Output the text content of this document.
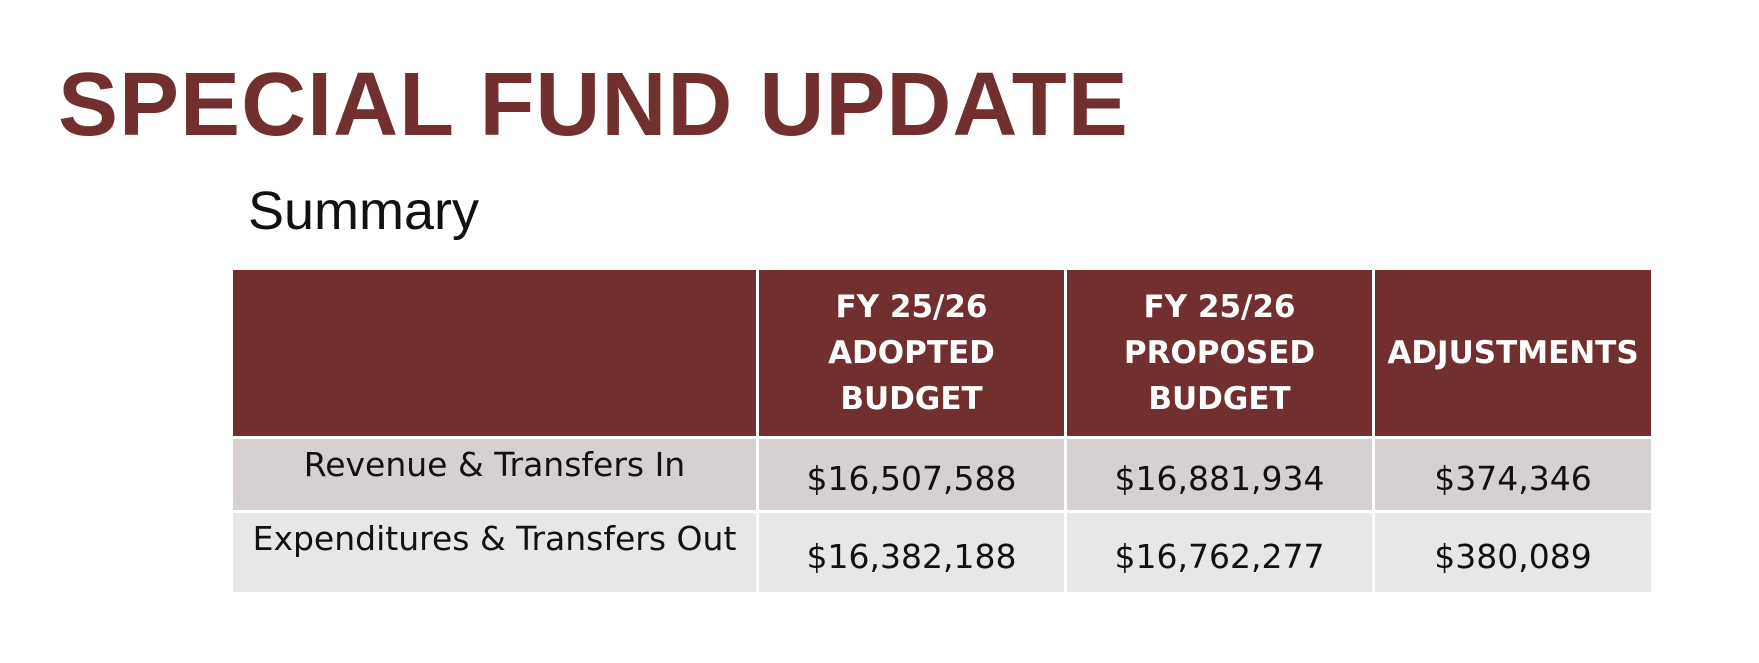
SPECIAL FUND UPDATE
Summary

	FY 25/26
ADOPTED
BUDGET	FY 25/26
PROPOSED
BUDGET	ADJUSTMENTS
Revenue & Transfers In	$16,507,588	$16,881,934	$374,346
Expenditures & Transfers Out	$16,382,188	$16,762,277	$380,089
